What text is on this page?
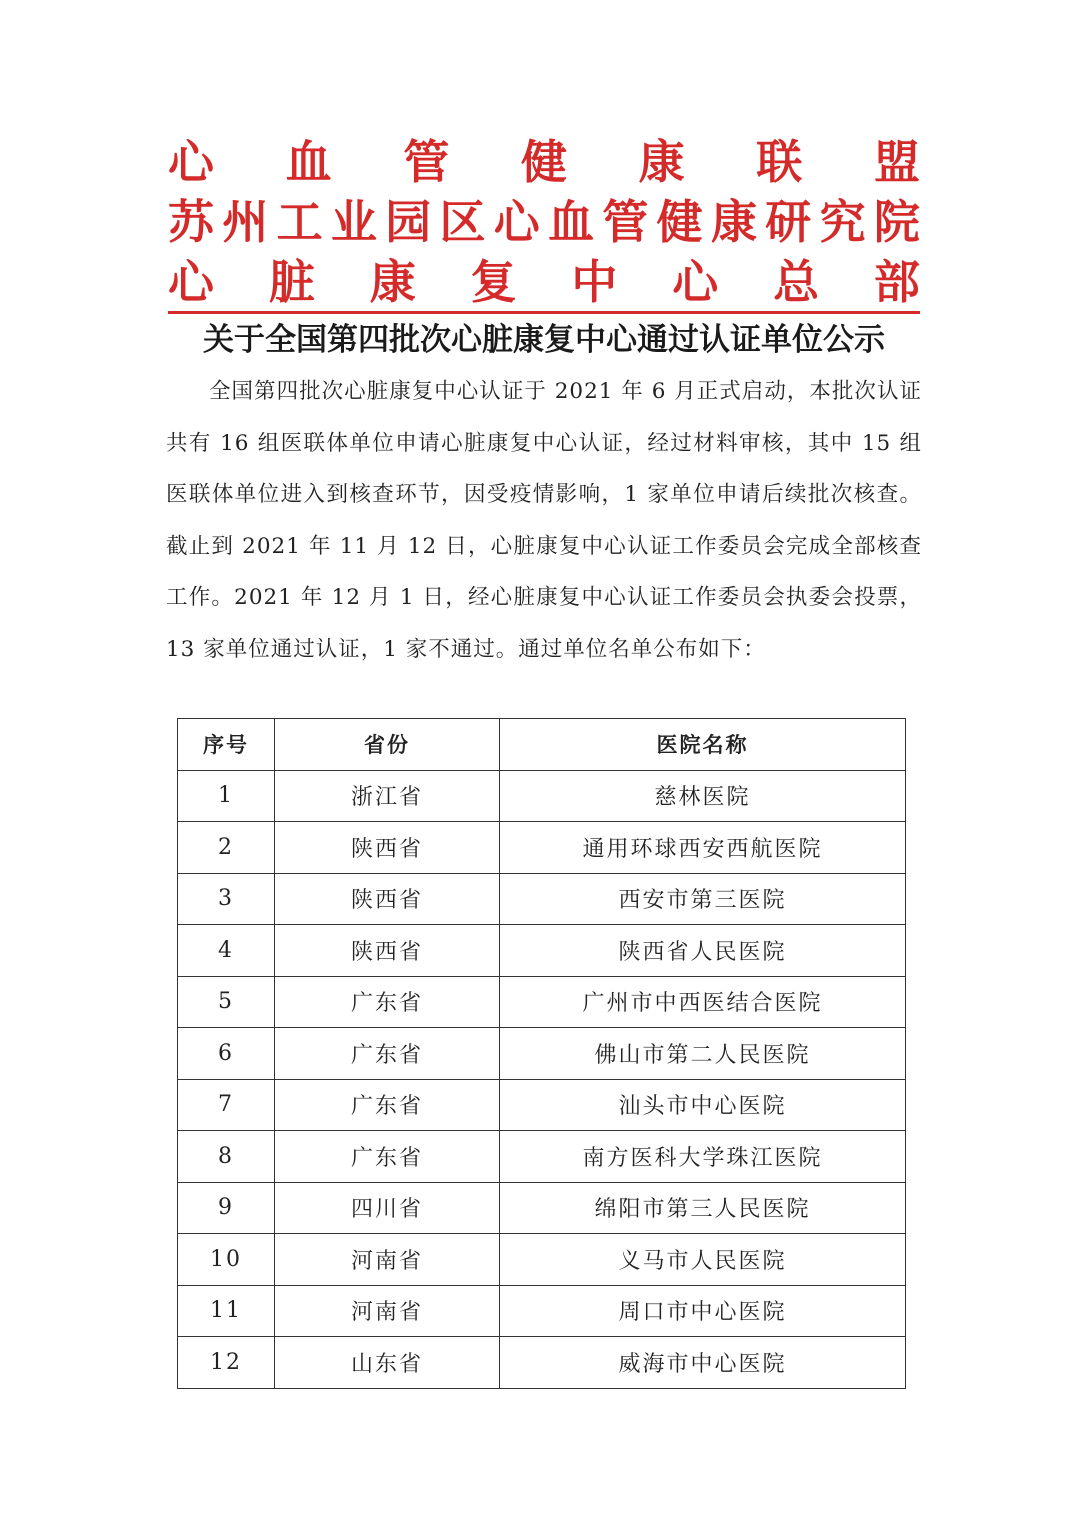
心 血 管 健 康 联 盟
苏 州 工 业 园 区 心 血 管 健 康 研 究 院
心 脏 康 复 中 心 总 部
关于全国第四批次心脏康复中心通过认证单位公示
全国第四批次心脏康复中心认证于 2021 年 6 月正式启动，本批次认证共有 16 组医联体单位申请心脏康复中心认证，经过材料审核，其中 15 组医联体单位进入到核查环节，因受疫情影响，1 家单位申请后续批次核查。截止到 2021 年 11 月 12 日，心脏康复中心认证工作委员会完成全部核查工作。2021 年 12 月 1 日，经心脏康复中心认证工作委员会执委会投票，13 家单位通过认证，1 家不通过。通过单位名单公布如下：
序号	省份	医院名称
1	浙江省	慈林医院
2	陕西省	通用环球西安西航医院
3	陕西省	西安市第三医院
4	陕西省	陕西省人民医院
5	广东省	广州市中西医结合医院
6	广东省	佛山市第二人民医院
7	广东省	汕头市中心医院
8	广东省	南方医科大学珠江医院
9	四川省	绵阳市第三人民医院
10	河南省	义马市人民医院
11	河南省	周口市中心医院
12	山东省	威海市中心医院
